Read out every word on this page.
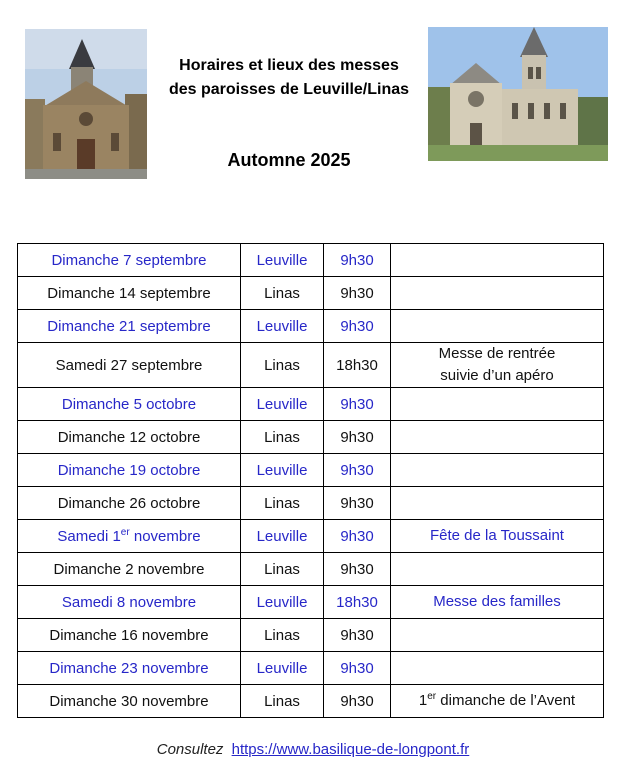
Horaires et lieux des messes
des paroisses de Leuville/Linas
Automne 2025
Dimanche 7 septembre	Leuville	9h30	
Dimanche 14 septembre	Linas	9h30	
Dimanche 21 septembre	Leuville	9h30	
Samedi 27 septembre	Linas	18h30	Messe de rentrée
suivie d’un apéro

Dimanche 5 octobre	Leuville	9h30	
Dimanche 12 octobre	Linas	9h30	
Dimanche 19 octobre	Leuville	9h30	
Dimanche 26 octobre	Linas	9h30	
Samedi 1er novembre	Leuville	9h30	Fête de la Toussaint
Dimanche 2 novembre	Linas	9h30	
Samedi 8 novembre	Leuville	18h30	Messe des familles
Dimanche 16 novembre	Linas	9h30	
Dimanche 23 novembre	Leuville	9h30	
Dimanche 30 novembre	Linas	9h30	1er dimanche de l’Avent
Consultez https://www.basilique-de-longpont.fr
